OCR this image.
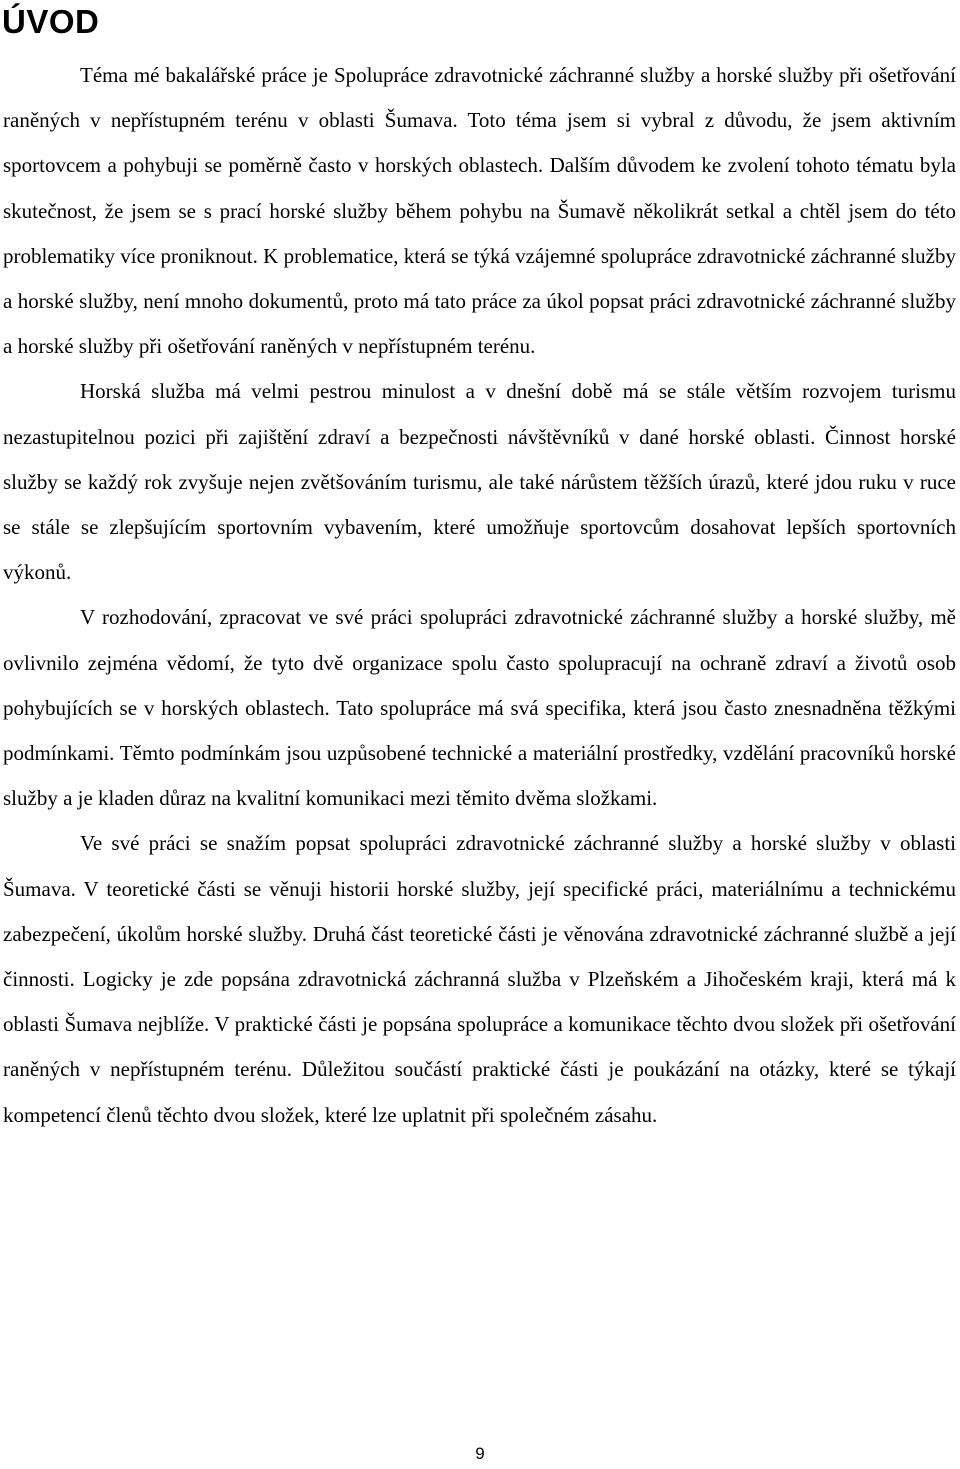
ÚVOD

Téma mé bakalářské práce je Spolupráce zdravotnické záchranné služby a horské služby při ošetřování raněných v nepřístupném terénu v oblasti Šumava. Toto téma jsem si vybral z důvodu, že jsem aktivním sportovcem a pohybuji se poměrně často v horských oblastech. Dalším důvodem ke zvolení tohoto tématu byla skutečnost, že jsem se s prací horské služby během pohybu na Šumavě několikrát setkal a chtěl jsem do této problematiky více proniknout. K problematice, která se týká vzájemné spolupráce zdravotnické záchranné služby a horské služby, není mnoho dokumentů, proto má tato práce za úkol popsat práci zdravotnické záchranné služby a horské služby při ošetřování raněných v nepřístupném terénu.

Horská služba má velmi pestrou minulost a v dnešní době má se stále větším rozvojem turismu nezastupitelnou pozici při zajištění zdraví a bezpečnosti návštěvníků v dané horské oblasti. Činnost horské služby se každý rok zvyšuje nejen zvětšováním turismu, ale také nárůstem těžších úrazů, které jdou ruku v ruce se stále se zlepšujícím sportovním vybavením, které umožňuje sportovcům dosahovat lepších sportovních výkonů.

V rozhodování, zpracovat ve své práci spolupráci zdravotnické záchranné služby a horské služby, mě ovlivnilo zejména vědomí, že tyto dvě organizace spolu často spolupracují na ochraně zdraví a životů osob pohybujících se v horských oblastech. Tato spolupráce má svá specifika, která jsou často znesnadněna těžkými podmínkami. Těmto podmínkám jsou uzpůsobené technické a materiální prostředky, vzdělání pracovníků horské služby a je kladen důraz na kvalitní komunikaci mezi těmito dvěma složkami.

Ve své práci se snažím popsat spolupráci zdravotnické záchranné služby a horské služby v oblasti Šumava. V teoretické části se věnuji historii horské služby, její specifické práci, materiálnímu a technickému zabezpečení, úkolům horské služby. Druhá část teoretické části je věnována zdravotnické záchranné službě a její činnosti. Logicky je zde popsána zdravotnická záchranná služba v Plzeňském a Jihočeském kraji, která má k oblasti Šumava nejblíže. V praktické části je popsána spolupráce a komunikace těchto dvou složek při ošetřování raněných v nepřístupném terénu. Důležitou součástí praktické části je poukázání na otázky, které se týkají kompetencí členů těchto dvou složek, které lze uplatnit při společném zásahu.

9
